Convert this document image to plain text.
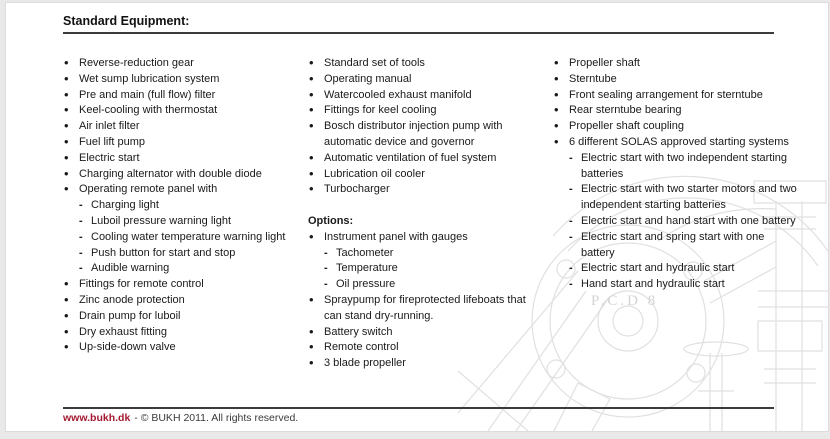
P.C.D 8
Standard Equipment:
• Reverse-reduction gear
• Wet sump lubrication system
• Pre and main (full flow) filter
• Keel-cooling with thermostat
• Air inlet filter
• Fuel lift pump
• Electric start
• Charging alternator with double diode
• Operating remote panel with
- Charging light
- Luboil pressure warning light
- Cooling water temperature warning light
- Push button for start and stop
- Audible warning
• Fittings for remote control
• Zinc anode protection
• Drain pump for luboil
• Dry exhaust fitting
• Up-side-down valve
• Standard set of tools
• Operating manual
• Watercooled exhaust manifold
• Fittings for keel cooling
• Bosch distributor injection pump with automatic device and governor
• Automatic ventilation of fuel system
• Lubrication oil cooler
• Turbocharger
Options:
• Instrument panel with gauges
- Tachometer
- Temperature
- Oil pressure
• Spraypump for fireprotected lifeboats that can stand dry-running.
• Battery switch
• Remote control
• 3 blade propeller
• Propeller shaft
• Sterntube
• Front sealing arrangement for sterntube
• Rear sterntube bearing
• Propeller shaft coupling
• 6 different SOLAS approved starting systems
- Electric start with two independent starting batteries
- Electric start with two starter motors and two independent starting batteries
- Electric start and hand start with one battery
- Electric start and spring start with one battery
- Electric start and hydraulic start
- Hand start and hydraulic start
www.bukh.dk - © BUKH 2011. All rights reserved.
